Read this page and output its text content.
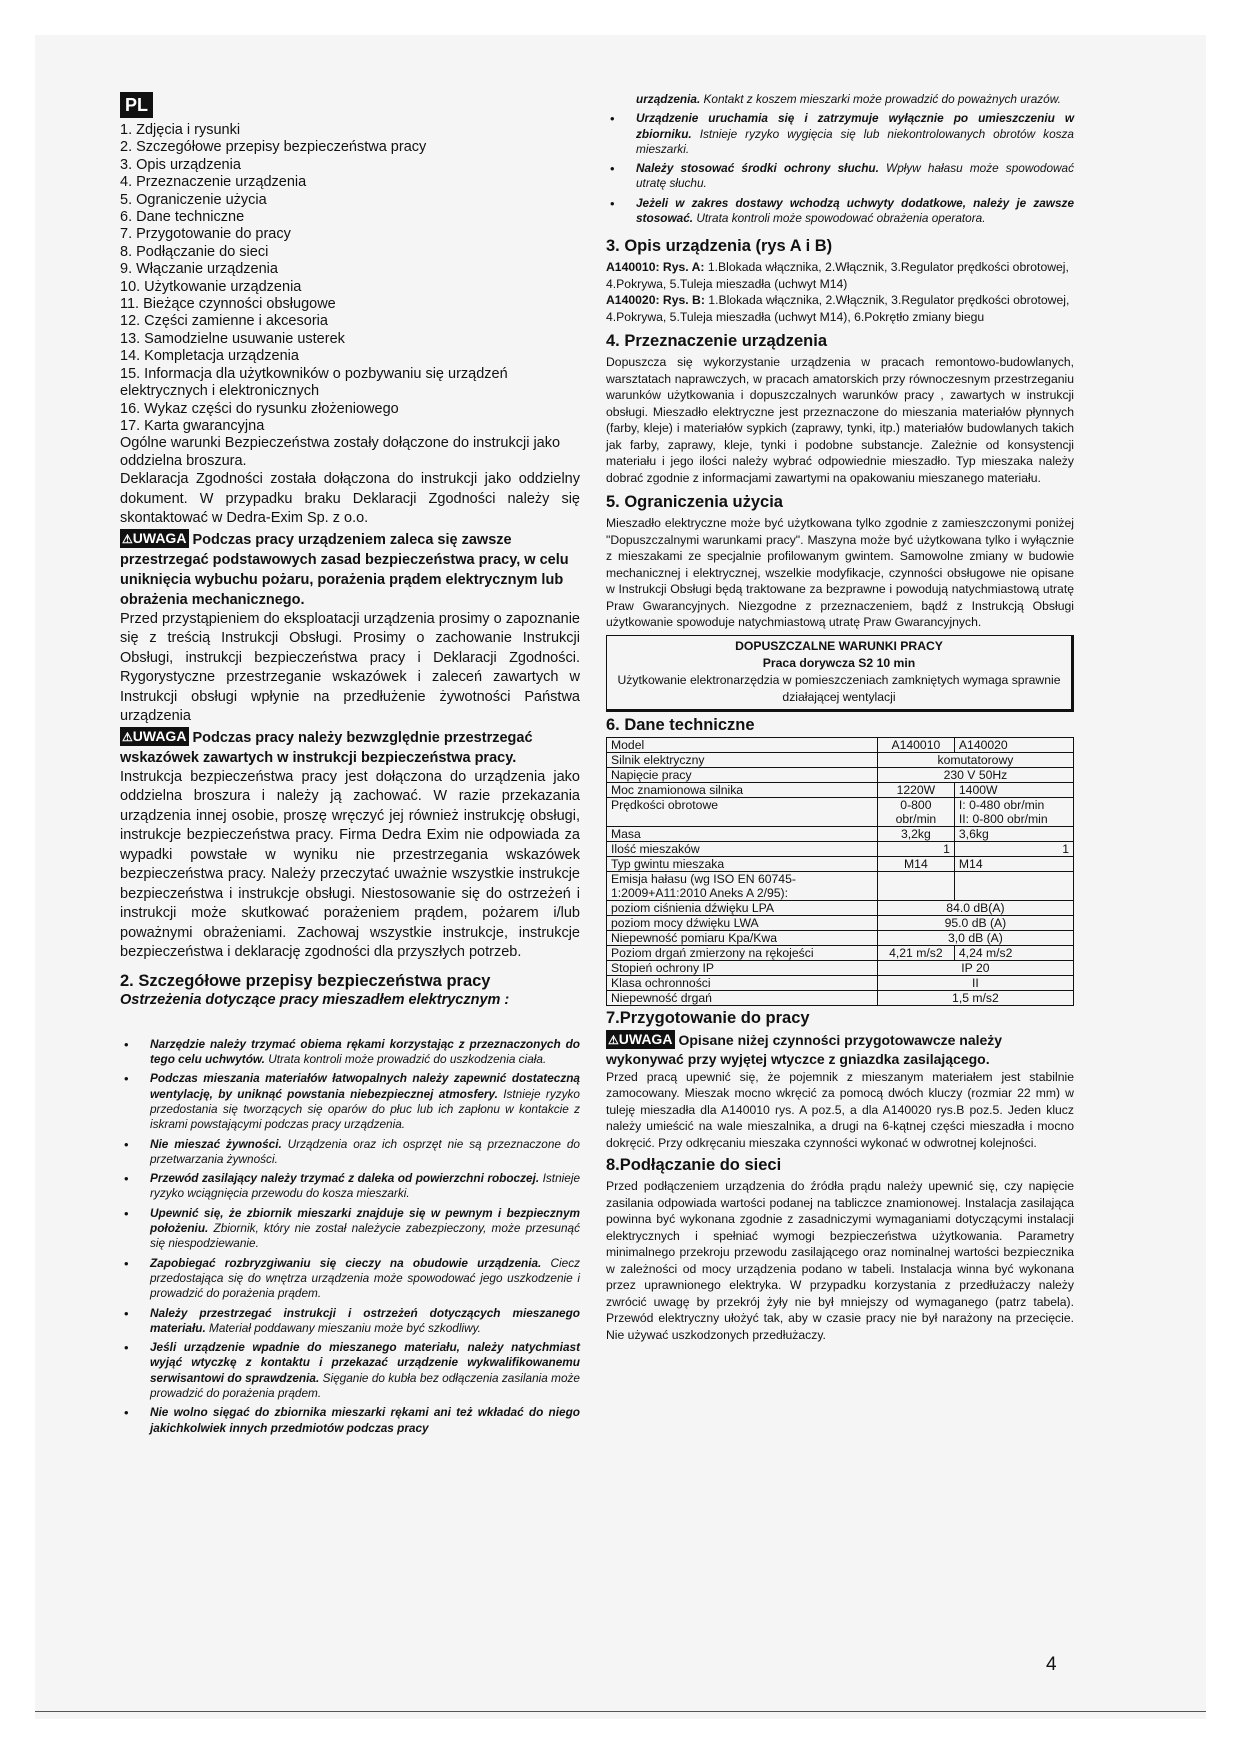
PL
1. Zdjęcia i rysunki
2. Szczegółowe przepisy bezpieczeństwa pracy
3. Opis urządzenia
4. Przeznaczenie urządzenia
5. Ograniczenie użycia
6. Dane techniczne
7. Przygotowanie do pracy
8. Podłączanie do sieci
9. Włączanie urządzenia
10. Użytkowanie urządzenia
11. Bieżące czynności obsługowe
12. Części zamienne i akcesoria
13. Samodzielne usuwanie usterek
14. Kompletacja urządzenia
15. Informacja dla użytkowników o pozbywaniu się urządzeń elektrycznych i elektronicznych
16. Wykaz części do rysunku złożeniowego
17. Karta gwarancyjna

Ogólne warunki Bezpieczeństwa zostały dołączone do instrukcji jako oddzielna broszura.

Deklaracja Zgodności została dołączona do instrukcji jako oddzielny dokument. W przypadku braku Deklaracji Zgodności należy się skontaktować w Dedra-Exim Sp. z o.o.

⚠UWAGA Podczas pracy urządzeniem zaleca się zawsze przestrzegać podstawowych zasad bezpieczeństwa pracy, w celu uniknięcia wybuchu pożaru, porażenia prądem elektrycznym lub obrażenia mechanicznego.

Przed przystąpieniem do eksploatacji urządzenia prosimy o zapoznanie się z treścią Instrukcji Obsługi. Prosimy o zachowanie Instrukcji Obsługi, instrukcji bezpieczeństwa pracy i Deklaracji Zgodności. Rygorystyczne przestrzeganie wskazówek i zaleceń zawartych w Instrukcji obsługi wpłynie na przedłużenie żywotności Państwa urządzenia

⚠UWAGA Podczas pracy należy bezwzględnie przestrzegać wskazówek zawartych w instrukcji bezpieczeństwa pracy.

Instrukcja bezpieczeństwa pracy jest dołączona do urządzenia jako oddzielna broszura i należy ją zachować. W razie przekazania urządzenia innej osobie, proszę wręczyć jej również instrukcję obsługi, instrukcje bezpieczeństwa pracy. Firma Dedra Exim nie odpowiada za wypadki powstałe w wyniku nie przestrzegania wskazówek bezpieczeństwa pracy. Należy przeczytać uważnie wszystkie instrukcje bezpieczeństwa i instrukcje obsługi. Niestosowanie się do ostrzeżeń i instrukcji może skutkować porażeniem prądem, pożarem i/lub poważnymi obrażeniami. Zachowaj wszystkie instrukcje, instrukcje bezpieczeństwa i deklarację zgodności dla przyszłych potrzeb.

2. Szczegółowe przepisy bezpieczeństwa pracy
Ostrzeżenia dotyczące pracy mieszadłem elektrycznym :
• Narzędzie należy trzymać obiema rękami korzystając z przeznaczonych do tego celu uchwytów. Utrata kontroli może prowadzić do uszkodzenia ciała.
• Podczas mieszania materiałów łatwopalnych należy zapewnić dostateczną wentylację, by uniknąć powstania niebezpiecznej atmosfery. Istnieje ryzyko przedostania się tworzących się oparów do płuc lub ich zapłonu w kontakcie z iskrami powstającymi podczas pracy urządzenia.
• Nie mieszać żywności. Urządzenia oraz ich osprzęt nie są przeznaczone do przetwarzania żywności.
• Przewód zasilający należy trzymać z daleka od powierzchni roboczej. Istnieje ryzyko wciągnięcia przewodu do kosza mieszarki.
• Upewnić się, że zbiornik mieszarki znajduje się w pewnym i bezpiecznym położeniu. Zbiornik, który nie został należycie zabezpieczony, może przesunąć się niespodziewanie.
• Zapobiegać rozbryzgiwaniu się cieczy na obudowie urządzenia. Ciecz przedostająca się do wnętrza urządzenia może spowodować jego uszkodzenie i prowadzić do porażenia prądem.
• Należy przestrzegać instrukcji i ostrzeżeń dotyczących mieszanego materiału. Materiał poddawany mieszaniu może być szkodliwy.
• Jeśli urządzenie wpadnie do mieszanego materiału, należy natychmiast wyjąć wtyczkę z kontaktu i przekazać urządzenie wykwalifikowanemu serwisantowi do sprawdzenia. Sięganie do kubła bez odłączenia zasilania może prowadzić do porażenia prądem.
• Nie wolno sięgać do zbiornika mieszarki rękami ani też wkładać do niego jakichkolwiek innych przedmiotów podczas pracy
urządzenia. Kontakt z koszem mieszarki może prowadzić do poważnych urazów.
• Urządzenie uruchamia się i zatrzymuje wyłącznie po umieszczeniu w zbiorniku. Istnieje ryzyko wygięcia się lub niekontrolowanych obrotów kosza mieszarki.
• Należy stosować środki ochrony słuchu. Wpływ hałasu może spowodować utratę słuchu.
• Jeżeli w zakres dostawy wchodzą uchwyty dodatkowe, należy je zawsze stosować. Utrata kontroli może spowodować obrażenia operatora.
3. Opis urządzenia (rys A i B)

A140010: Rys. A: 1.Blokada włącznika, 2.Włącznik, 3.Regulator prędkości obrotowej, 4.Pokrywa, 5.Tuleja mieszadła (uchwyt M14)

A140020: Rys. B: 1.Blokada włącznika, 2.Włącznik, 3.Regulator prędkości obrotowej, 4.Pokrywa, 5.Tuleja mieszadła (uchwyt M14), 6.Pokrętło zmiany biegu

4. Przeznaczenie urządzenia

Dopuszcza się wykorzystanie urządzenia w pracach remontowo-budowlanych, warsztatach naprawczych, w pracach amatorskich przy równoczesnym przestrzeganiu warunków użytkowania i dopuszczalnych warunków pracy , zawartych w instrukcji obsługi. Mieszadło elektryczne jest przeznaczone do mieszania materiałów płynnych (farby, kleje) i materiałów sypkich (zaprawy, tynki, itp.) materiałów budowlanych takich jak farby, zaprawy, kleje, tynki i podobne substancje. Zależnie od konsystencji materiału i jego ilości należy wybrać odpowiednie mieszadło. Typ mieszaka należy dobrać zgodnie z informacjami zawartymi na opakowaniu mieszanego materiału.

5. Ograniczenia użycia

Mieszadło elektryczne może być użytkowana tylko zgodnie z zamieszczonymi poniżej "Dopuszczalnymi warunkami pracy". Maszyna może być użytkowana tylko i wyłącznie z mieszakami ze specjalnie profilowanym gwintem. Samowolne zmiany w budowie mechanicznej i elektrycznej, wszelkie modyfikacje, czynności obsługowe nie opisane w Instrukcji Obsługi będą traktowane za bezprawne i powodują natychmiastową utratę Praw Gwarancyjnych. Niezgodne z przeznaczeniem, bądź z Instrukcją Obsługi użytkowanie spowoduje natychmiastową utratę Praw Gwarancyjnych.

DOPUSZCZALNE WARUNKI PRACY
Praca dorywcza S2 10 min
Użytkowanie elektronarzędzia w pomieszczeniach zamkniętych wymaga sprawnie działającej wentylacji
6. Dane techniczne
Model	A140010	A140020
Silnik elektryczny	komutatorowy	
Napięcie pracy	230 V 50Hz	
Moc znamionowa silnika	1220W	1400W
Prędkości obrotowe	0-800 obr/min	I: 0-480 obr/min
II: 0-800 obr/min
Masa	3,2kg	3,6kg
Ilość mieszaków	1	1
Typ gwintu mieszaka	M14	M14
Emisja hałasu (wg ISO EN 60745-1:2009+A11:2010 Aneks A 2/95):		
poziom ciśnienia dźwięku LPA	84.0 dB(A)	
poziom mocy dźwięku LWA	95.0 dB (A)	
Niepewność pomiaru Kpa/Kwa	3,0 dB (A)	
Poziom drgań zmierzony na rękojeści	4,21 m/s2	4,24 m/s2
Stopień ochrony IP	IP 20	
Klasa ochronności	II	
Niepewność drgań	1,5 m/s2	
7.Przygotowanie do pracy

⚠UWAGA Opisane niżej czynności przygotowawcze należy wykonywać przy wyjętej wtyczce z gniazdka zasilającego.

Przed pracą upewnić się, że pojemnik z mieszanym materiałem jest stabilnie zamocowany. Mieszak mocno wkręcić za pomocą dwóch kluczy (rozmiar 22 mm) w tuleję mieszadła dla A140010 rys. A poz.5, a dla A140020 rys.B poz.5. Jeden klucz należy umieścić na wale mieszalnika, a drugi na 6-kątnej części mieszadła i mocno dokręcić. Przy odkręcaniu mieszaka czynności wykonać w odwrotnej kolejności.

8.Podłączanie do sieci

Przed podłączeniem urządzenia do źródła prądu należy upewnić się, czy napięcie zasilania odpowiada wartości podanej na tabliczce znamionowej. Instalacja zasilająca powinna być wykonana zgodnie z zasadniczymi wymaganiami dotyczącymi instalacji elektrycznych i spełniać wymogi bezpieczeństwa użytkowania. Parametry minimalnego przekroju przewodu zasilającego oraz nominalnej wartości bezpiecznika w zależności od mocy urządzenia podano w tabeli. Instalacja winna być wykonana przez uprawnionego elektryka. W przypadku korzystania z przedłużaczy należy zwrócić uwagę by przekrój żyły nie był mniejszy od wymaganego (patrz tabela). Przewód elektryczny ułożyć tak, aby w czasie pracy nie był narażony na przecięcie. Nie używać uszkodzonych przedłużaczy.

4
